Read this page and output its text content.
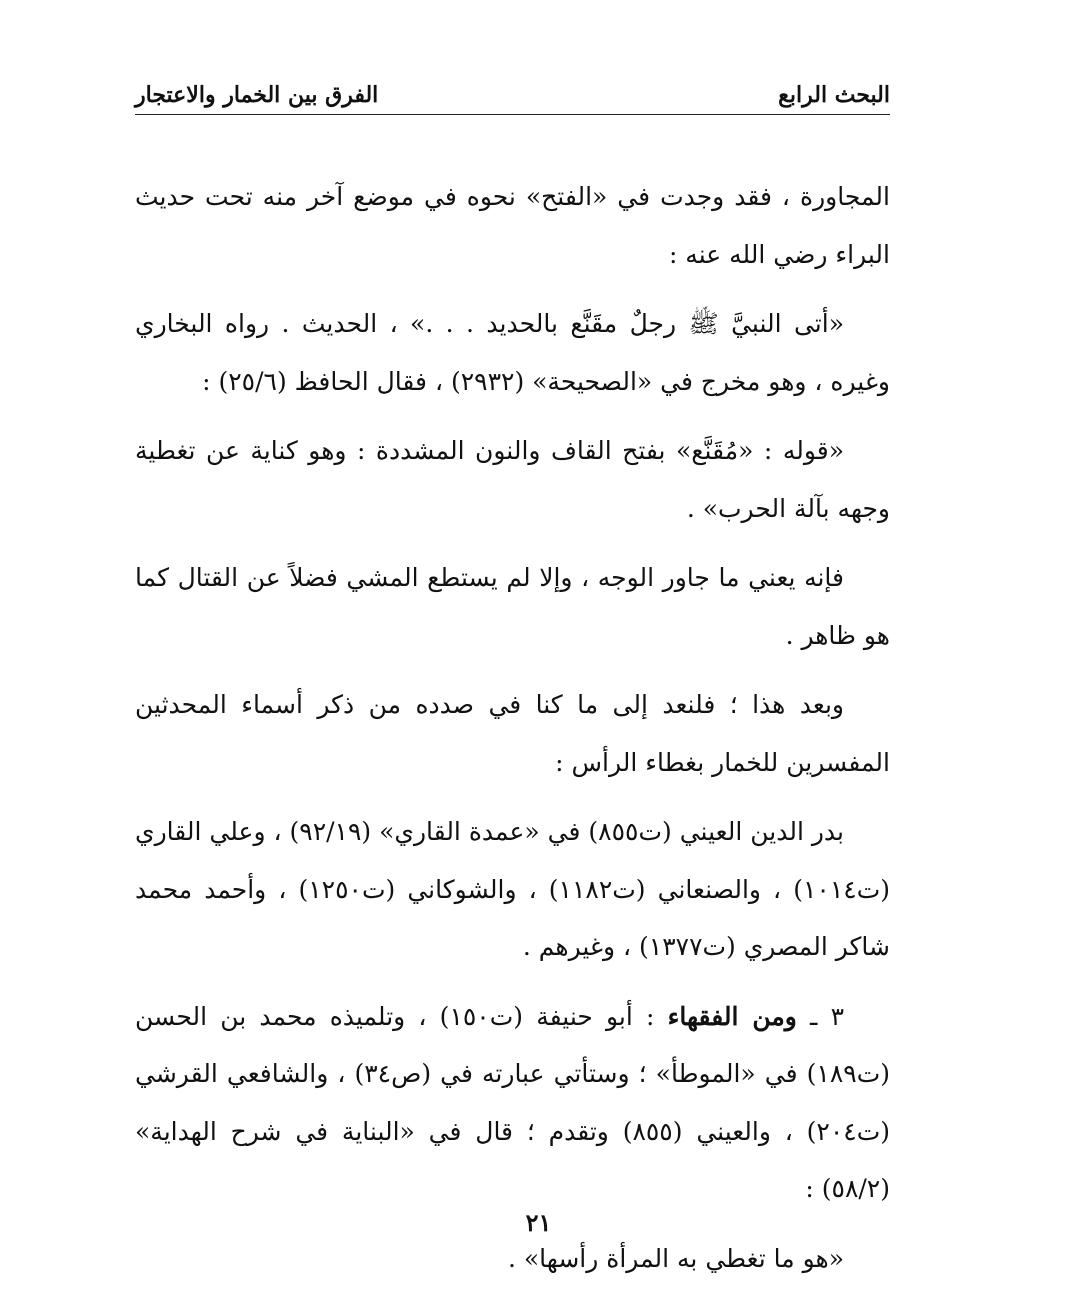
البحث الرابع
الفرق بين الخمار والاعتجار

المجاورة ، فقد وجدت في «الفتح» نحوه في موضع آخر منه تحت حديث البراء رضي الله عنه :

«أتى النبيَّ ﷺ رجلٌ مقَنَّع بالحديد . . .» ، الحديث . رواه البخاري وغيره ، وهو مخرج في «الصحيحة» (٢٩٣٢) ، فقال الحافظ (٢٥/٦) :

«قوله : «مُقَنَّع» بفتح القاف والنون المشددة : وهو كناية عن تغطية وجهه بآلة الحرب» .

فإنه يعني ما جاور الوجه ، وإلا لم يستطع المشي فضلاً عن القتال كما هو ظاهر .

وبعد هذا ؛ فلنعد إلى ما كنا في صدده من ذكر أسماء المحدثين المفسرين للخمار بغطاء الرأس :

بدر الدين العيني (ت٨٥٥) في «عمدة القاري» (٩٢/١٩) ، وعلي القاري (ت١٠١٤) ، والصنعاني (ت١١٨٢) ، والشوكاني (ت١٢٥٠) ، وأحمد محمد شاكر المصري (ت١٣٧٧) ، وغيرهم .

٣ ـ ومن الفقهاء : أبو حنيفة (ت١٥٠) ، وتلميذه محمد بن الحسن (ت١٨٩) في «الموطأ» ؛ وستأتي عبارته في (ص٣٤) ، والشافعي القرشي (ت٢٠٤) ، والعيني (٨٥٥) وتقدم ؛ قال في «البناية في شرح الهداية» (٥٨/٢) :

«هو ما تغطي به المرأة رأسها» .

٢١
